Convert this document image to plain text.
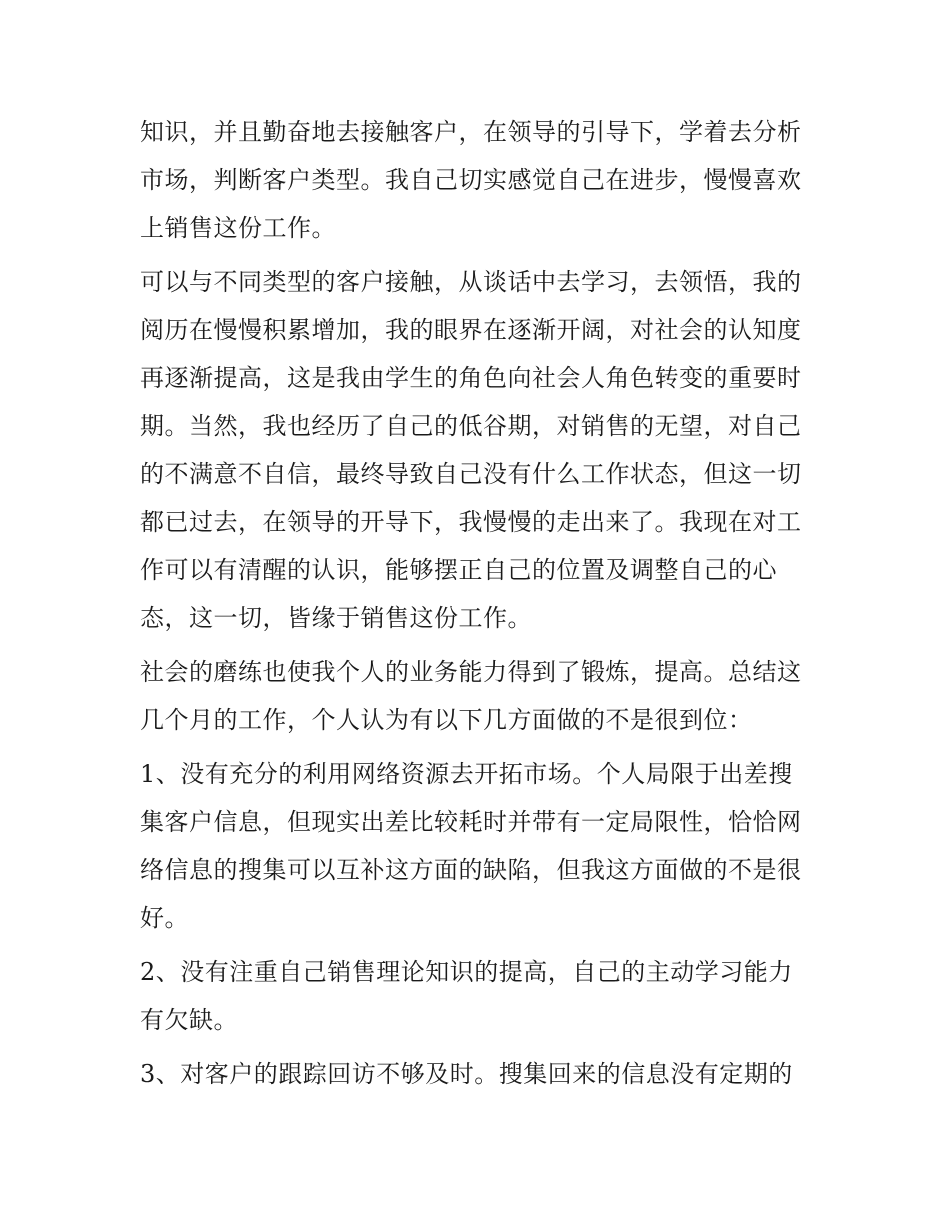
知识，并且勤奋地去接触客户，在领导的引导下，学着去分析
市场，判断客户类型。我自己切实感觉自己在进步，慢慢喜欢
上销售这份工作。
可以与不同类型的客户接触，从谈话中去学习，去领悟，我的
阅历在慢慢积累增加，我的眼界在逐渐开阔，对社会的认知度
再逐渐提高，这是我由学生的角色向社会人角色转变的重要时
期。当然，我也经历了自己的低谷期，对销售的无望，对自己
的不满意不自信，最终导致自己没有什么工作状态，但这一切
都已过去，在领导的开导下，我慢慢的走出来了。我现在对工
作可以有清醒的认识，能够摆正自己的位置及调整自己的心
态，这一切，皆缘于销售这份工作。
社会的磨练也使我个人的业务能力得到了锻炼，提高。总结这
几个月的工作，个人认为有以下几方面做的不是很到位：
1、没有充分的利用网络资源去开拓市场。个人局限于出差搜
集客户信息，但现实出差比较耗时并带有一定局限性，恰恰网
络信息的搜集可以互补这方面的缺陷，但我这方面做的不是很
好。
2、没有注重自己销售理论知识的提高，自己的主动学习能力
有欠缺。
3、对客户的跟踪回访不够及时。搜集回来的信息没有定期的
